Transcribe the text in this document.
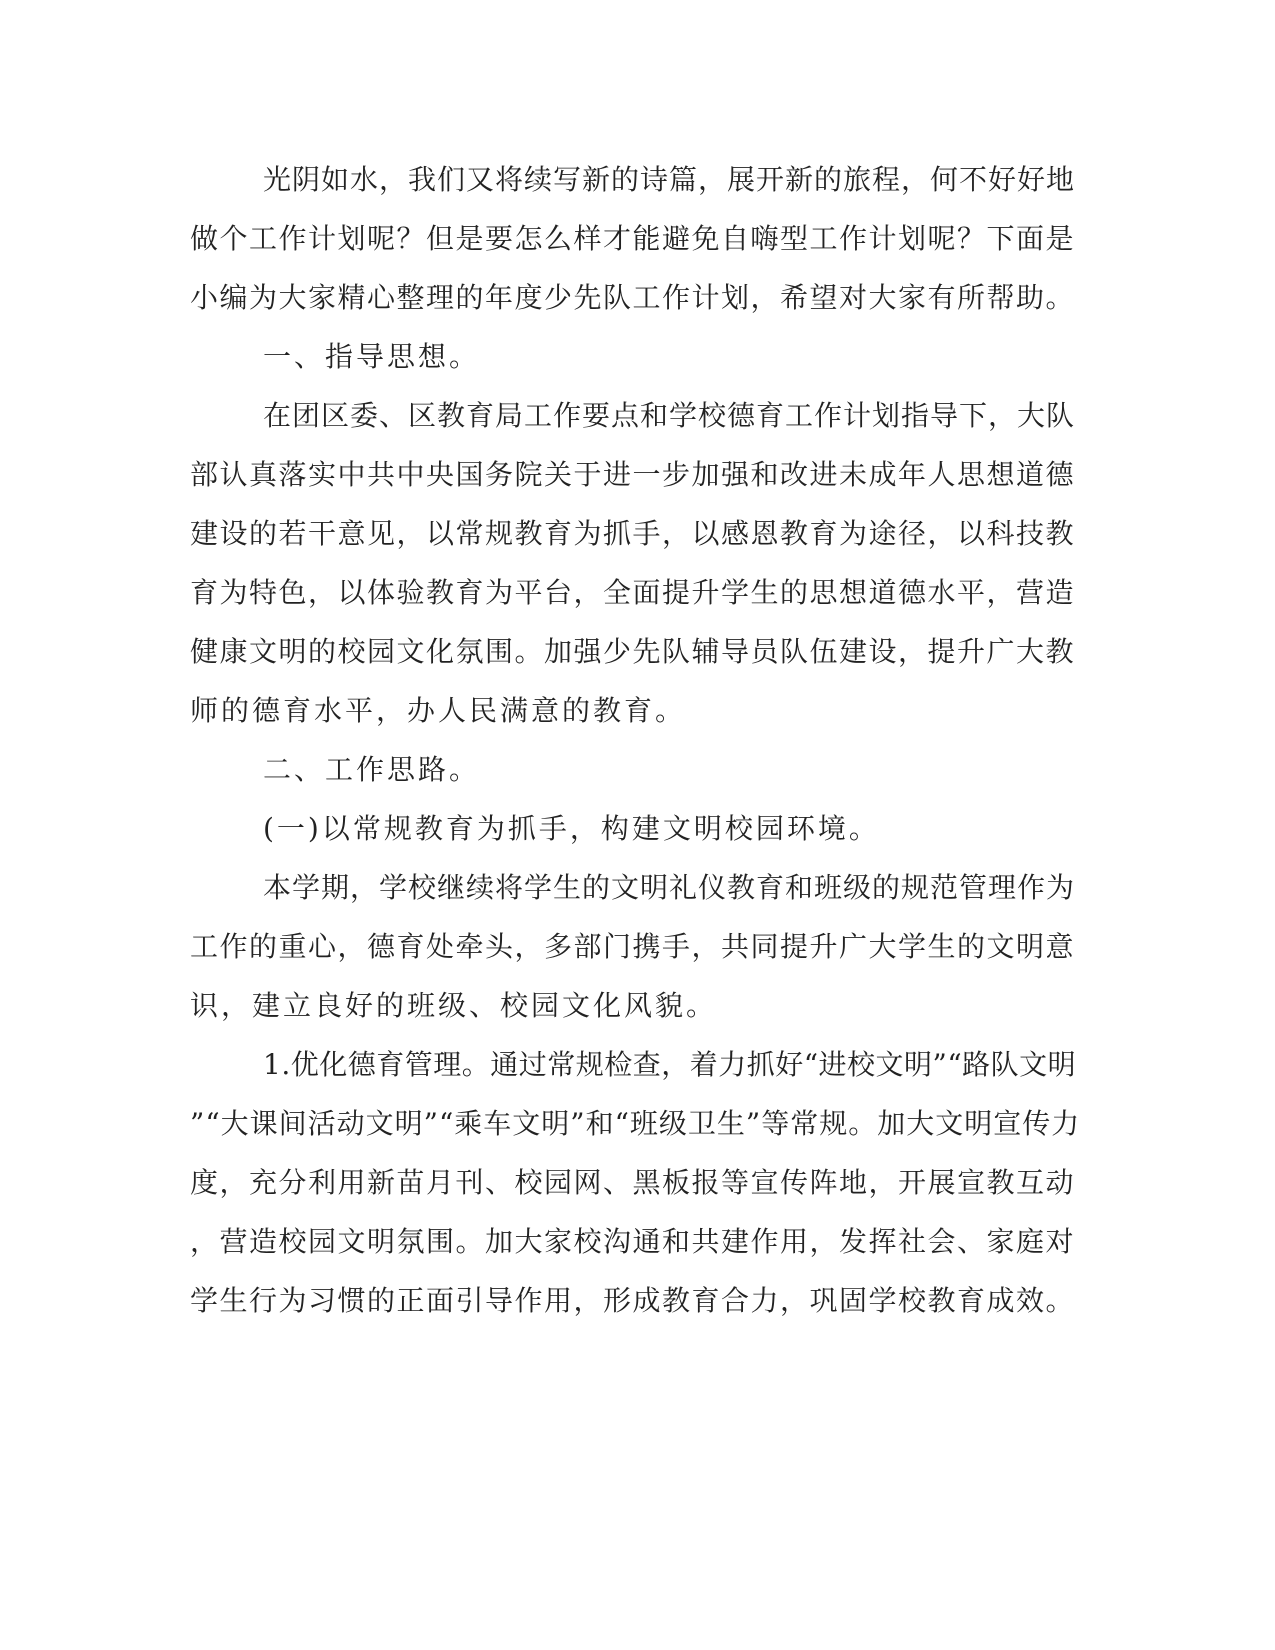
光阴如水，我们又将续写新的诗篇，展开新的旅程，何不好好地
做个工作计划呢？但是要怎么样才能避免自嗨型工作计划呢？下面是
小编为大家精心整理的年度少先队工作计划，希望对大家有所帮助。
一、指导思想。
在团区委、区教育局工作要点和学校德育工作计划指导下，大队
部认真落实中共中央国务院关于进一步加强和改进未成年人思想道德
建设的若干意见，以常规教育为抓手，以感恩教育为途径，以科技教
育为特色，以体验教育为平台，全面提升学生的思想道德水平，营造
健康文明的校园文化氛围。加强少先队辅导员队伍建设，提升广大教
师的德育水平，办人民满意的教育。
二、工作思路。
(一)以常规教育为抓手，构建文明校园环境。
本学期，学校继续将学生的文明礼仪教育和班级的规范管理作为
工作的重心，德育处牵头，多部门携手，共同提升广大学生的文明意
识，建立良好的班级、校园文化风貌。
1.优化德育管理。通过常规检查，着力抓好“进校文明”“路队文明
”“大课间活动文明”“乘车文明”和“班级卫生”等常规。加大文明宣传力
度，充分利用新苗月刊、校园网、黑板报等宣传阵地，开展宣教互动
，营造校园文明氛围。加大家校沟通和共建作用，发挥社会、家庭对
学生行为习惯的正面引导作用，形成教育合力，巩固学校教育成效。
